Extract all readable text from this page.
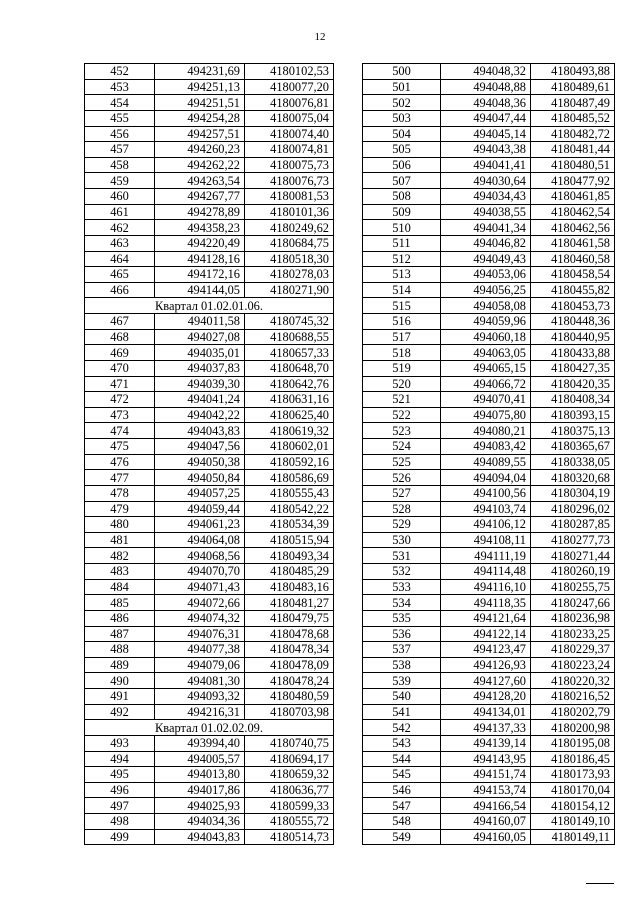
12
452	494231,69	4180102,53
453	494251,13	4180077,20
454	494251,51	4180076,81
455	494254,28	4180075,04
456	494257,51	4180074,40
457	494260,23	4180074,81
458	494262,22	4180075,73
459	494263,54	4180076,73
460	494267,77	4180081,53
461	494278,89	4180101,36
462	494358,23	4180249,62
463	494220,49	4180684,75
464	494128,16	4180518,30
465	494172,16	4180278,03
466	494144,05	4180271,90
Квартал 01.02.01.06.		
467	494011,58	4180745,32
468	494027,08	4180688,55
469	494035,01	4180657,33
470	494037,83	4180648,70
471	494039,30	4180642,76
472	494041,24	4180631,16
473	494042,22	4180625,40
474	494043,83	4180619,32
475	494047,56	4180602,01
476	494050,38	4180592,16
477	494050,84	4180586,69
478	494057,25	4180555,43
479	494059,44	4180542,22
480	494061,23	4180534,39
481	494064,08	4180515,94
482	494068,56	4180493,34
483	494070,70	4180485,29
484	494071,43	4180483,16
485	494072,66	4180481,27
486	494074,32	4180479,75
487	494076,31	4180478,68
488	494077,38	4180478,34
489	494079,06	4180478,09
490	494081,30	4180478,24
491	494093,32	4180480,59
492	494216,31	4180703,98
Квартал 01.02.02.09.		
493	493994,40	4180740,75
494	494005,57	4180694,17
495	494013,80	4180659,32
496	494017,86	4180636,77
497	494025,93	4180599,33
498	494034,36	4180555,72
499	494043,83	4180514,73
500	494048,32	4180493,88
501	494048,88	4180489,61
502	494048,36	4180487,49
503	494047,44	4180485,52
504	494045,14	4180482,72
505	494043,38	4180481,44
506	494041,41	4180480,51
507	494030,64	4180477,92
508	494034,43	4180461,85
509	494038,55	4180462,54
510	494041,34	4180462,56
511	494046,82	4180461,58
512	494049,43	4180460,58
513	494053,06	4180458,54
514	494056,25	4180455,82
515	494058,08	4180453,73
516	494059,96	4180448,36
517	494060,18	4180440,95
518	494063,05	4180433,88
519	494065,15	4180427,35
520	494066,72	4180420,35
521	494070,41	4180408,34
522	494075,80	4180393,15
523	494080,21	4180375,13
524	494083,42	4180365,67
525	494089,55	4180338,05
526	494094,04	4180320,68
527	494100,56	4180304,19
528	494103,74	4180296,02
529	494106,12	4180287,85
530	494108,11	4180277,73
531	494111,19	4180271,44
532	494114,48	4180260,19
533	494116,10	4180255,75
534	494118,35	4180247,66
535	494121,64	4180236,98
536	494122,14	4180233,25
537	494123,47	4180229,37
538	494126,93	4180223,24
539	494127,60	4180220,32
540	494128,20	4180216,52
541	494134,01	4180202,79
542	494137,33	4180200,98
543	494139,14	4180195,08
544	494143,95	4180186,45
545	494151,74	4180173,93
546	494153,74	4180170,04
547	494166,54	4180154,12
548	494160,07	4180149,10
549	494160,05	4180149,11
